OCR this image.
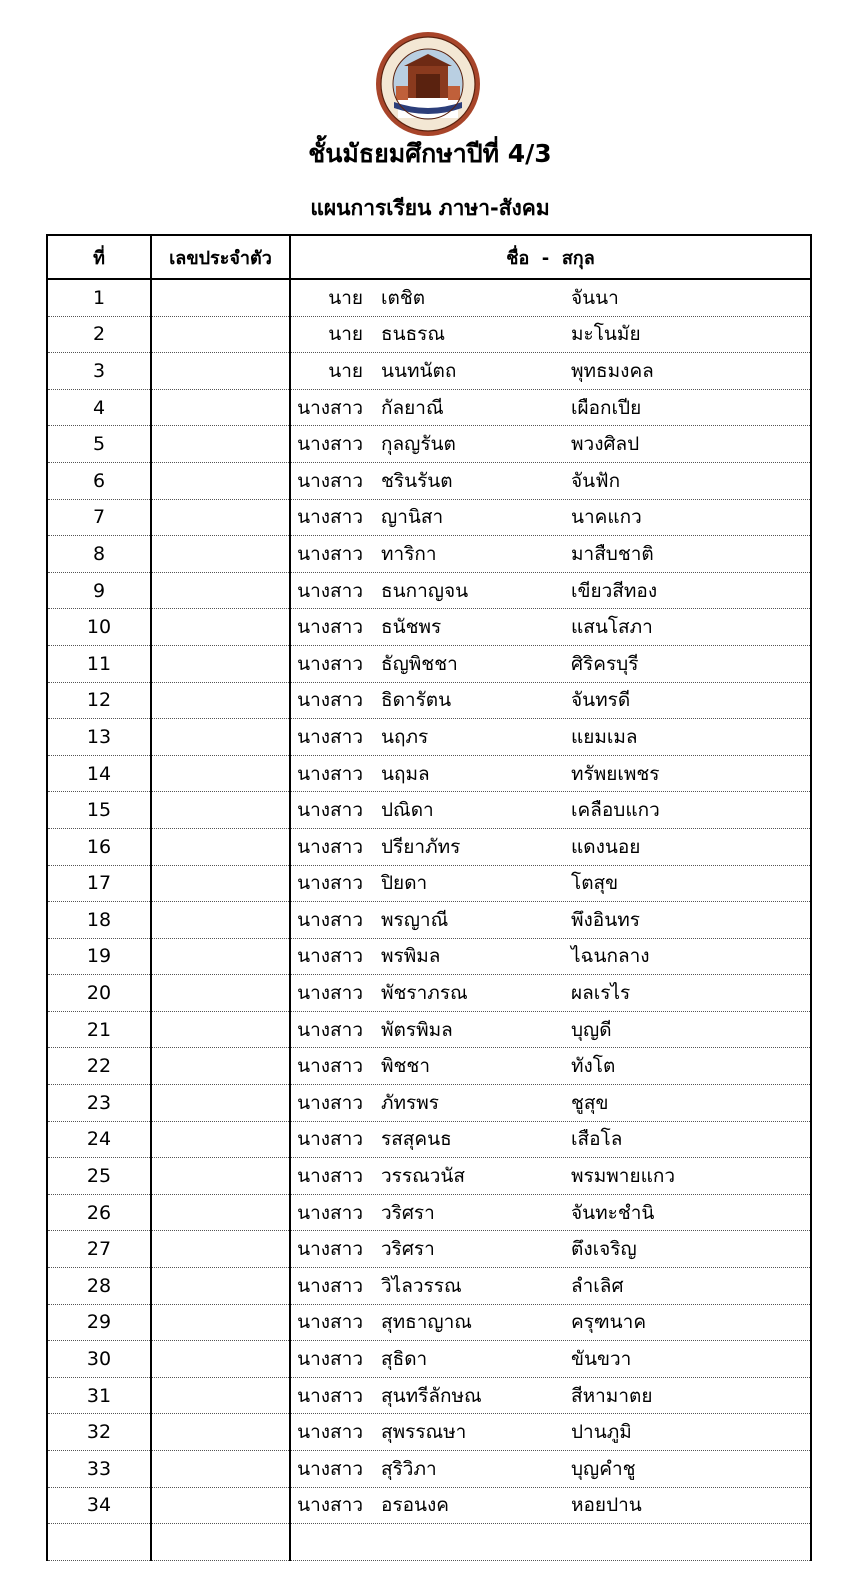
ชั้นมัธยมศึกษาปีที่ 4/3
แผนการเรียน ภาษา-สังคม
ที่	เลขประจำตัว	ชื่อ  -  สกุล
1		นาย เตชิต จันนา

2		นาย ธนธรณ มะโนมัย

3		นาย นนทนัตถ พุทธมงคล

4		นางสาว กัลยาณี เผือกเปีย

5		นางสาว กุลญรันต พวงศิลป

6		นางสาว ชรินรันต จันฟัก

7		นางสาว ญานิสา นาคแกว

8		นางสาว ทาริกา มาสืบชาติ

9		นางสาว ธนกาญจน เขียวสีทอง

10		นางสาว ธนัชพร แสนโสภา

11		นางสาว ธัญพิชชา ศิริครบุรี

12		นางสาว ธิดารัตน จันทรดี

13		นางสาว นฤภร แยมเมล

14		นางสาว นฤมล ทรัพยเพชร

15		นางสาว ปณิดา เคลือบแกว

16		นางสาว ปรียาภัทร แดงนอย

17		นางสาว ปิยดา โตสุข

18		นางสาว พรญาณี พึงอินทร

19		นางสาว พรพิมล ไฉนกลาง

20		นางสาว พัชราภรณ ผลเรไร

21		นางสาว พัตรพิมล บุญดี

22		นางสาว พิชชา ทังโต

23		นางสาว ภัทรพร ชูสุข

24		นางสาว รสสุคนธ เสือโล

25		นางสาว วรรณวนัส พรมพายแกว

26		นางสาว วริศรา จันทะชำนิ

27		นางสาว วริศรา ตึงเจริญ

28		นางสาว วิไลวรรณ ลำเลิศ

29		นางสาว สุทธาญาณ ครุฑนาค

30		นางสาว สุธิดา ขันขวา

31		นางสาว สุนทรีลักษณ สีหามาตย

32		นางสาว สุพรรณษา ปานภูมิ

33		นางสาว สุริวิภา บุญคำชู

34		นางสาว อรอนงค หอยปาน
